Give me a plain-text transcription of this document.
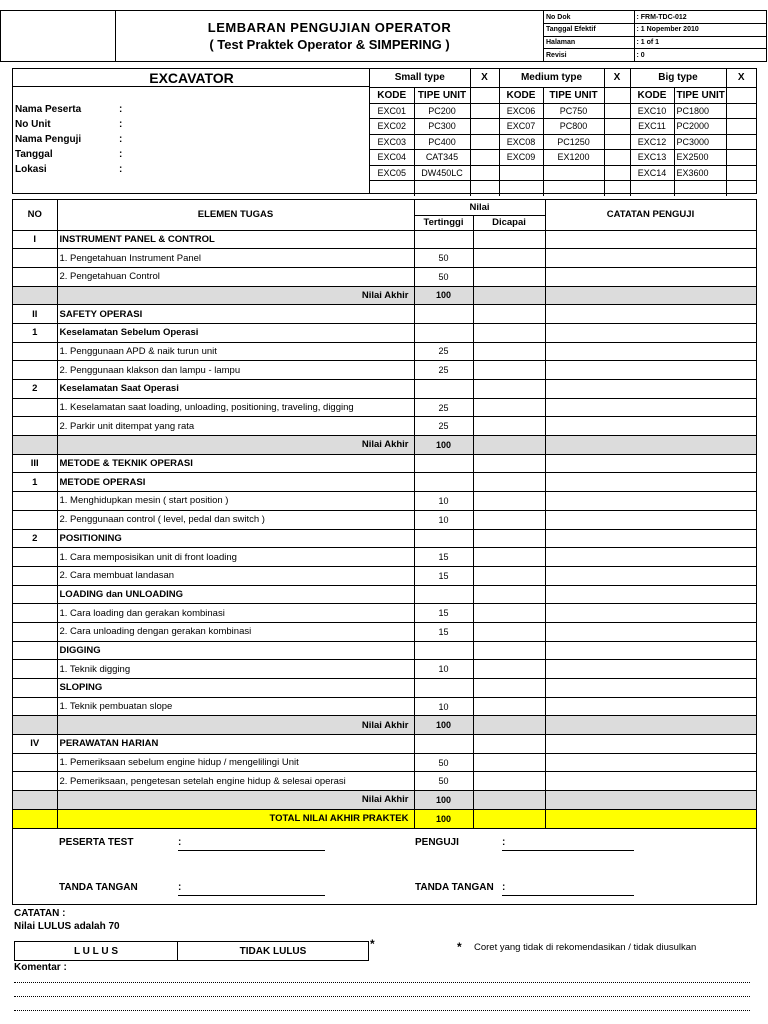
LEMBARAN PENGUJIAN OPERATOR
( Test Praktek Operator & SIMPERING )
No Dok	: FRM-TDC-012
Tanggal Efektif	: 1 Nopember 2010
Halaman	: 1 of 1
Revisi	: 0
EXCAVATOR
Nama Peserta	:
No Unit	:
Nama Penguji	:
Tanggal	:
Lokasi	:
Small type		X	Medium type		X	Big type		X
KODE	TIPE UNIT		KODE	TIPE UNIT		KODE	TIPE UNIT	
EXC01	PC200		EXC06	PC750		EXC10	PC1800	
EXC02	PC300		EXC07	PC800		EXC11	PC2000	
EXC03	PC400		EXC08	PC1250		EXC12	PC3000	
EXC04	CAT345		EXC09	EX1200		EXC13	EX2500	
EXC05	DW450LC					EXC14	EX3600	

NO	ELEMEN TUGAS	Nilai		CATATAN PENGUJI
		Tertinggi	Dicapai	
I	INSTRUMENT PANEL & CONTROL			
	1. Pengetahuan Instrument Panel	50		
	2. Pengetahuan Control	50		
	Nilai Akhir	100		
II	SAFETY OPERASI			
1	Keselamatan Sebelum Operasi			
	1. Penggunaan APD & naik turun unit	25		
	2. Penggunaan klakson dan lampu - lampu	25		
2	Keselamatan Saat Operasi			
	1. Keselamatan saat loading, unloading, positioning, traveling, digging	25		
	2. Parkir unit ditempat yang rata	25		
	Nilai Akhir	100		
III	METODE & TEKNIK OPERASI			
1	METODE OPERASI			
	1. Menghidupkan mesin ( start position )	10		
	2. Penggunaan control ( level, pedal dan switch )	10		
2	POSITIONING			
	1. Cara memposisikan unit di front loading	15		
	2. Cara membuat landasan	15		
	LOADING dan UNLOADING			
	1. Cara loading dan gerakan kombinasi	15		
	2. Cara unloading dengan gerakan kombinasi	15		
	DIGGING			
	1. Teknik digging	10		
	SLOPING			
	1. Teknik pembuatan slope	10		
	Nilai Akhir	100		
IV	PERAWATAN HARIAN			
	1. Pemeriksaan sebelum engine hidup / mengelilingi Unit	50		
	2. Pemeriksaan, pengetesan setelah engine hidup & selesai operasi	50		
	Nilai Akhir	100		
	TOTAL NILAI AKHIR PRAKTEK	100		
PESERTA TEST	:	PENGUJI	:
TANDA TANGAN	:	TANDA TANGAN :
CATATAN :
Nilai LULUS adalah 70
L U L U S	TIDAK LULUS	*	* Coret yang tidak di rekomendasikan / tidak diusulkan
Komentar :
